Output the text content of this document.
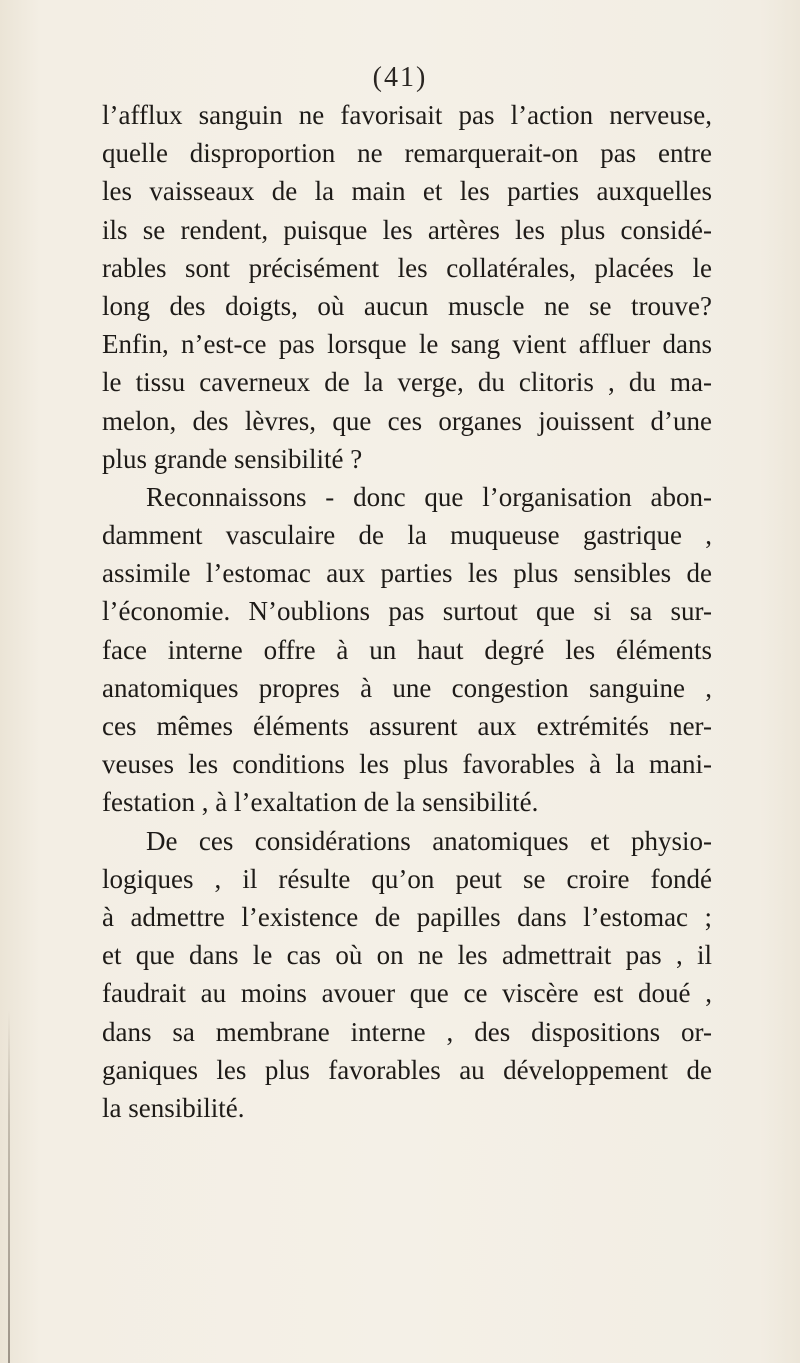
(41)
l’afflux sanguin ne favorisait pas l’action nerveuse,
quelle disproportion ne remarquerait-on pas entre
les vaisseaux de la main et les parties auxquelles
ils se rendent, puisque les artères les plus considé-
rables sont précisément les collatérales, placées le
long des doigts, où aucun muscle ne se trouve?
Enfin, n’est-ce pas lorsque le sang vient affluer dans
le tissu caverneux de la verge, du clitoris , du ma-
melon, des lèvres, que ces organes jouissent d’une
plus grande sensibilité ?
Reconnaissons - donc que l’organisation abon-
damment vasculaire de la muqueuse gastrique ,
assimile l’estomac aux parties les plus sensibles de
l’économie. N’oublions pas surtout que si sa sur-
face interne offre à un haut degré les éléments
anatomiques propres à une congestion sanguine ,
ces mêmes éléments assurent aux extrémités ner-
veuses les conditions les plus favorables à la mani-
festation , à l’exaltation de la sensibilité.
De ces considérations anatomiques et physio-
logiques , il résulte qu’on peut se croire fondé
à admettre l’existence de papilles dans l’estomac ;
et que dans le cas où on ne les admettrait pas , il
faudrait au moins avouer que ce viscère est doué ,
dans sa membrane interne , des dispositions or-
ganiques les plus favorables au développement de
la sensibilité.
